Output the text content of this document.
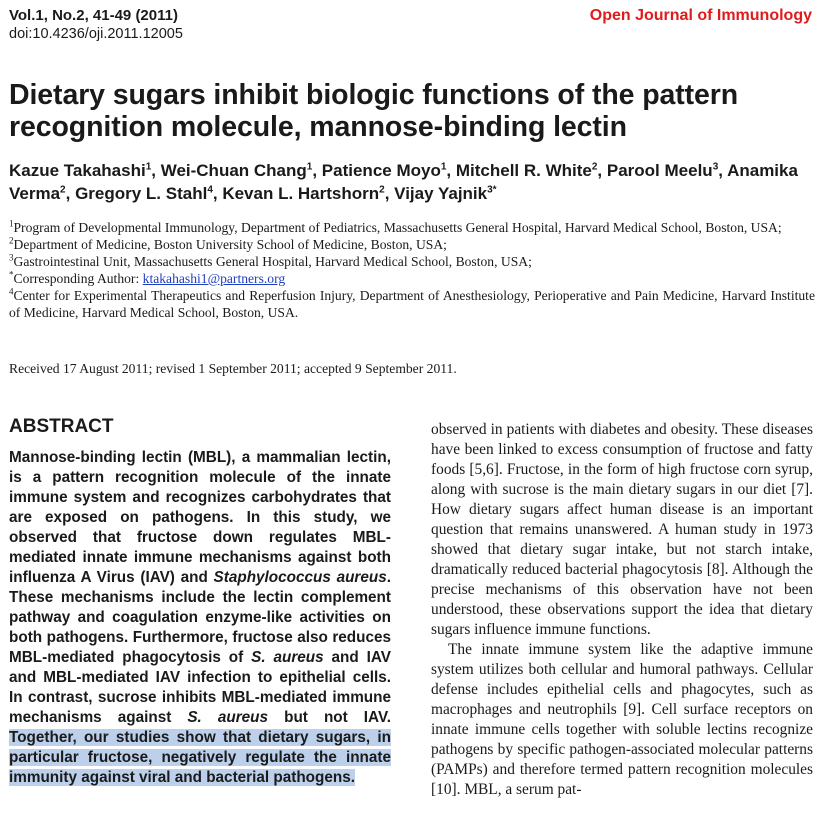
Vol.1, No.2, 41-49 (2011)
doi:10.4236/oji.2011.12005
Open Journal of Immunology
Dietary sugars inhibit biologic functions of the pattern recognition molecule, mannose-binding lectin
Kazue Takahashi$^1$, Wei-Chuan Chang$^1$, Patience Moyo$^1$, Mitchell R. White$^2$, Parool Meelu$^3$, Anamika Verma$^2$, Gregory L. Stahl$^4$, Kevan L. Hartshorn$^2$, Vijay Yajnik$^{3*}$
$^1$Program of Developmental Immunology, Department of Pediatrics, Massachusetts General Hospital, Harvard Medical School, Boston, USA;
$^2$Department of Medicine, Boston University School of Medicine, Boston, USA;
$^3$Gastrointestinal Unit, Massachusetts General Hospital, Harvard Medical School, Boston, USA;
*Corresponding Author: ktakahashi1@partners.org
$^4$Center for Experimental Therapeutics and Reperfusion Injury, Department of Anesthesiology, Perioperative and Pain Medicine, Harvard Institute of Medicine, Harvard Medical School, Boston, USA.
Received 17 August 2011; revised 1 September 2011; accepted 9 September 2011.
ABSTRACT
Mannose-binding lectin (MBL), a mammalian lectin, is a pattern recognition molecule of the innate immune system and recognizes carbohydrates that are exposed on pathogens. In this study, we observed that fructose down regulates MBL-mediated innate immune mechanisms against both influenza A Virus (IAV) and Staphylococcus aureus. These mechanisms include the lectin complement pathway and coagulation enzyme-like activities on both pathogens. Furthermore, fructose also reduces MBL-mediated phagocytosis of S. aureus and IAV and MBL-mediated IAV infection to epithelial cells. In contrast, sucrose inhibits MBL-mediated immune mechanisms against S. aureus but not IAV. Together, our studies show that dietary sugars, in particular fructose, negatively regulate the innate immunity against viral and bacterial pathogens.

observed in patients with diabetes and obesity. These diseases have been linked to excess consumption of fructose and fatty foods [5,6]. Fructose, in the form of high fructose corn syrup, along with sucrose is the main dietary sugars in our diet [7]. How dietary sugars affect human disease is an important question that remains unanswered. A human study in 1973 showed that dietary sugar intake, but not starch intake, dramatically reduced bacterial phagocytosis [8]. Although the precise mechanisms of this observation have not been understood, these observations support the idea that dietary sugars influence immune functions.

The innate immune system like the adaptive immune system utilizes both cellular and humoral pathways. Cellular defense includes epithelial cells and phagocytes, such as macrophages and neutrophils [9]. Cell surface receptors on innate immune cells together with soluble lectins recognize pathogens by specific pathogen-associated molecular patterns (PAMPs) and therefore termed pattern recognition molecules [10]. MBL, a serum pat-
